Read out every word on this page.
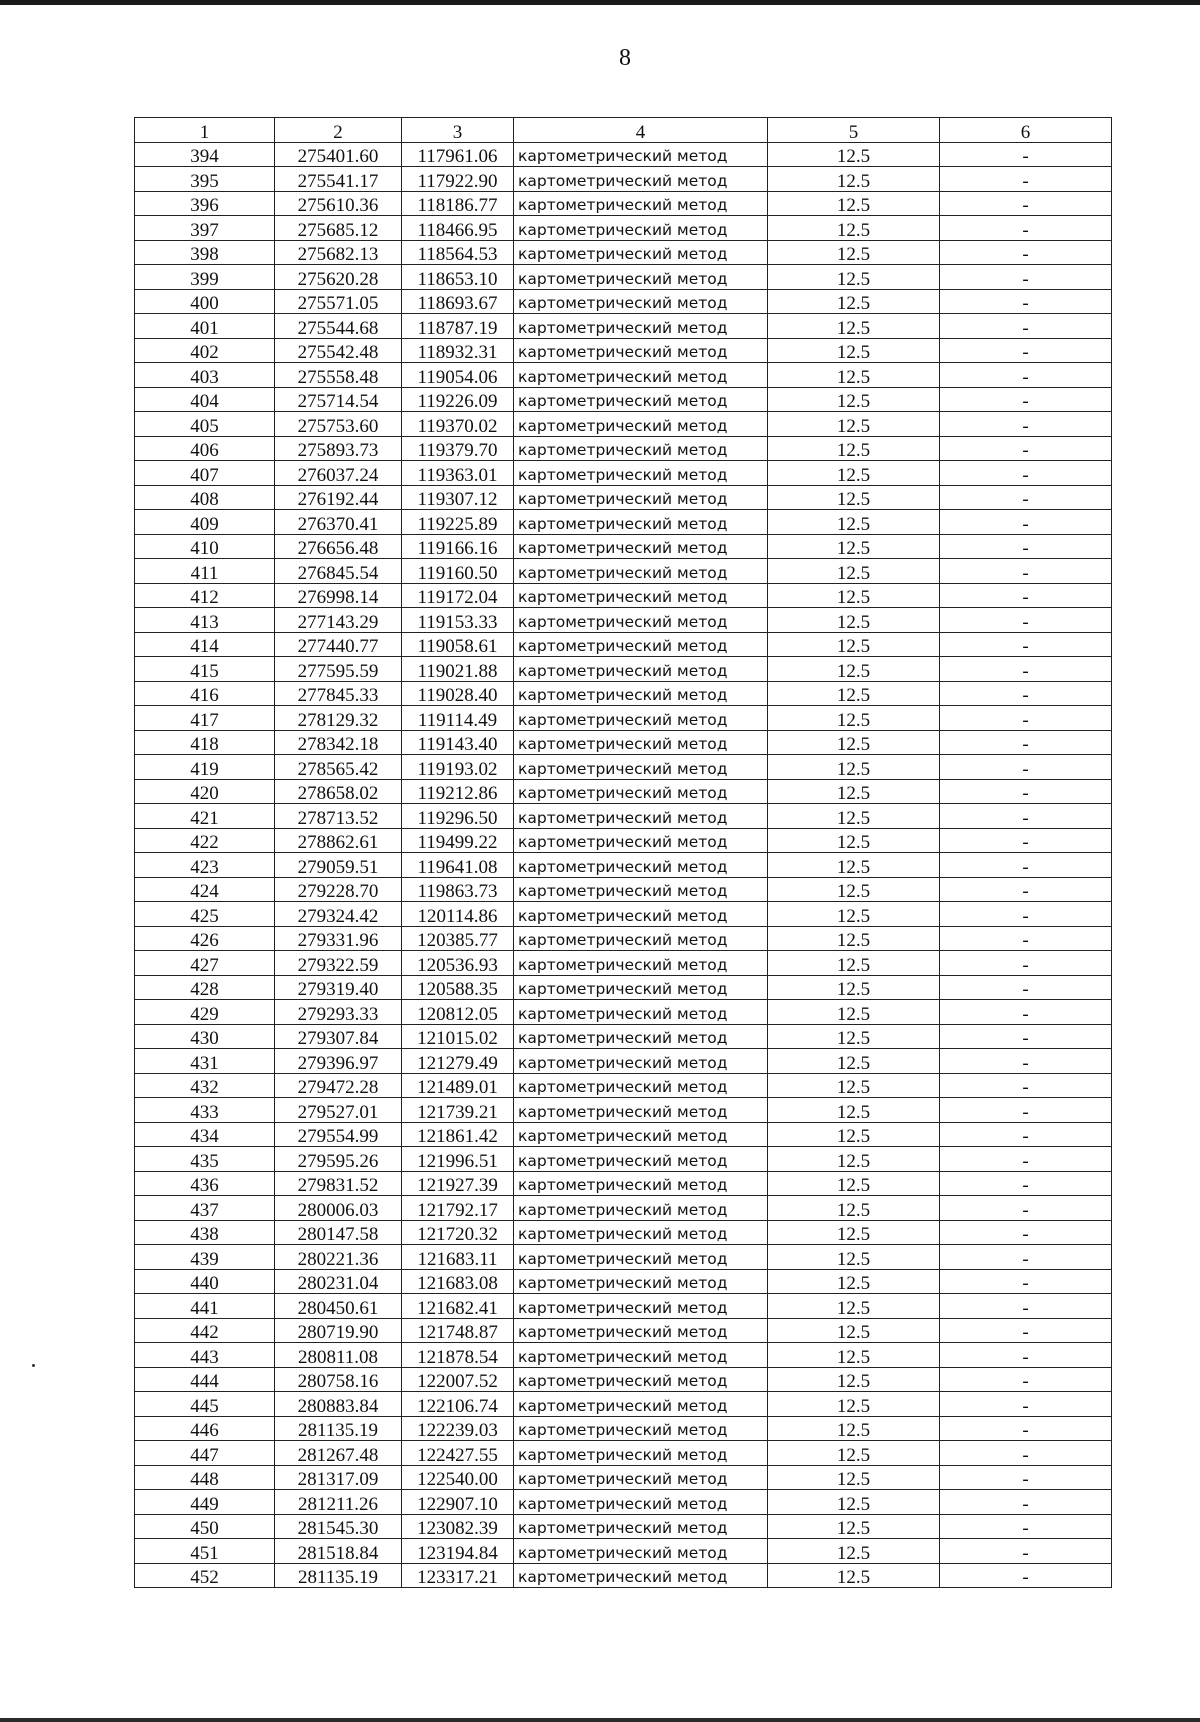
8
1	2	3	4	5	6
394	275401.60	117961.06	картометрический метод	12.5	-
395	275541.17	117922.90	картометрический метод	12.5	-
396	275610.36	118186.77	картометрический метод	12.5	-
397	275685.12	118466.95	картометрический метод	12.5	-
398	275682.13	118564.53	картометрический метод	12.5	-
399	275620.28	118653.10	картометрический метод	12.5	-
400	275571.05	118693.67	картометрический метод	12.5	-
401	275544.68	118787.19	картометрический метод	12.5	-
402	275542.48	118932.31	картометрический метод	12.5	-
403	275558.48	119054.06	картометрический метод	12.5	-
404	275714.54	119226.09	картометрический метод	12.5	-
405	275753.60	119370.02	картометрический метод	12.5	-
406	275893.73	119379.70	картометрический метод	12.5	-
407	276037.24	119363.01	картометрический метод	12.5	-
408	276192.44	119307.12	картометрический метод	12.5	-
409	276370.41	119225.89	картометрический метод	12.5	-
410	276656.48	119166.16	картометрический метод	12.5	-
411	276845.54	119160.50	картометрический метод	12.5	-
412	276998.14	119172.04	картометрический метод	12.5	-
413	277143.29	119153.33	картометрический метод	12.5	-
414	277440.77	119058.61	картометрический метод	12.5	-
415	277595.59	119021.88	картометрический метод	12.5	-
416	277845.33	119028.40	картометрический метод	12.5	-
417	278129.32	119114.49	картометрический метод	12.5	-
418	278342.18	119143.40	картометрический метод	12.5	-
419	278565.42	119193.02	картометрический метод	12.5	-
420	278658.02	119212.86	картометрический метод	12.5	-
421	278713.52	119296.50	картометрический метод	12.5	-
422	278862.61	119499.22	картометрический метод	12.5	-
423	279059.51	119641.08	картометрический метод	12.5	-
424	279228.70	119863.73	картометрический метод	12.5	-
425	279324.42	120114.86	картометрический метод	12.5	-
426	279331.96	120385.77	картометрический метод	12.5	-
427	279322.59	120536.93	картометрический метод	12.5	-
428	279319.40	120588.35	картометрический метод	12.5	-
429	279293.33	120812.05	картометрический метод	12.5	-
430	279307.84	121015.02	картометрический метод	12.5	-
431	279396.97	121279.49	картометрический метод	12.5	-
432	279472.28	121489.01	картометрический метод	12.5	-
433	279527.01	121739.21	картометрический метод	12.5	-
434	279554.99	121861.42	картометрический метод	12.5	-
435	279595.26	121996.51	картометрический метод	12.5	-
436	279831.52	121927.39	картометрический метод	12.5	-
437	280006.03	121792.17	картометрический метод	12.5	-
438	280147.58	121720.32	картометрический метод	12.5	-
439	280221.36	121683.11	картометрический метод	12.5	-
440	280231.04	121683.08	картометрический метод	12.5	-
441	280450.61	121682.41	картометрический метод	12.5	-
442	280719.90	121748.87	картометрический метод	12.5	-
443	280811.08	121878.54	картометрический метод	12.5	-
444	280758.16	122007.52	картометрический метод	12.5	-
445	280883.84	122106.74	картометрический метод	12.5	-
446	281135.19	122239.03	картометрический метод	12.5	-
447	281267.48	122427.55	картометрический метод	12.5	-
448	281317.09	122540.00	картометрический метод	12.5	-
449	281211.26	122907.10	картометрический метод	12.5	-
450	281545.30	123082.39	картометрический метод	12.5	-
451	281518.84	123194.84	картометрический метод	12.5	-
452	281135.19	123317.21	картометрический метод	12.5	-
